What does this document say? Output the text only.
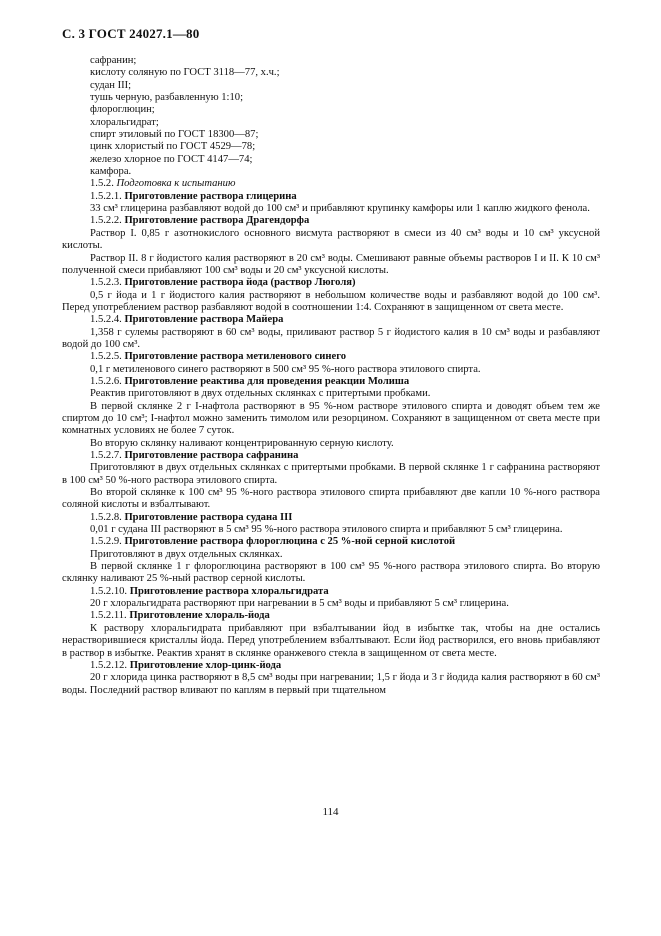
С. 3 ГОСТ 24027.1—80
сафранин;
кислоту соляную по ГОСТ 3118—77, х.ч.;
судан III;
тушь черную, разбавленную 1:10;
флороглюцин;
хлоральгидрат;
спирт этиловый по ГОСТ 18300—87;
цинк хлористый по ГОСТ 4529—78;
железо хлорное по ГОСТ 4147—74;
камфора.

1.5.2. Подготовка к испытанию

1.5.2.1. Приготовление раствора глицерина

33 см³ глицерина разбавляют водой до 100 см³ и прибавляют крупинку камфоры или 1 каплю жидкого фенола.

1.5.2.2. Приготовление раствора Драгендорфа

Раствор I. 0,85 г азотнокислого основного висмута растворяют в смеси из 40 см³ воды и 10 см³ уксусной кислоты.

Раствор II. 8 г йодистого калия растворяют в 20 см³ воды. Смешивают равные объемы растворов I и II. К 10 см³ полученной смеси прибавляют 100 см³ воды и 20 см³ уксусной кислоты.

1.5.2.3. Приготовление раствора йода (раствор Люголя)

0,5 г йода и 1 г йодистого калия растворяют в небольшом количестве воды и разбавляют водой до 100 см³. Перед употреблением раствор разбавляют водой в соотношении 1:4. Сохраняют в защищенном от света месте.

1.5.2.4. Приготовление раствора Майера

1,358 г сулемы растворяют в 60 см³ воды, приливают раствор 5 г йодистого калия в 10 см³ воды и разбавляют водой до 100 см³.

1.5.2.5. Приготовление раствора метиленового синего

0,1 г метиленового синего растворяют в 500 см³ 95 %-ного раствора этилового спирта.

1.5.2.6. Приготовление реактива для проведения реакции Молиша

Реактив приготовляют в двух отдельных склянках с притертыми пробками.

В первой склянке 2 г I-нафтола растворяют в 95 %-ном растворе этилового спирта и доводят объем тем же спиртом до 10 см³; I-нафтол можно заменить тимолом или резорцином. Сохраняют в защищенном от света месте при комнатных условиях не более 7 суток.

Во вторую склянку наливают концентрированную серную кислоту.

1.5.2.7. Приготовление раствора сафранина

Приготовляют в двух отдельных склянках с притертыми пробками. В первой склянке 1 г сафранина растворяют в 100 см³ 50 %-ного раствора этилового спирта.

Во второй склянке к 100 см³ 95 %-ного раствора этилового спирта прибавляют две капли 10 %-ного раствора соляной кислоты и взбалтывают.

1.5.2.8. Приготовление раствора судана III

0,01 г судана III растворяют в 5 см³ 95 %-ного раствора этилового спирта и прибавляют 5 см³ глицерина.

1.5.2.9. Приготовление раствора флороглюцина с 25 %-ной серной кислотой

Приготовляют в двух отдельных склянках.

В первой склянке 1 г флороглюцина растворяют в 100 см³ 95 %-ного раствора этилового спирта. Во вторую склянку наливают 25 %-ный раствор серной кислоты.

1.5.2.10. Приготовление раствора хлоральгидрата

20 г хлоральгидрата растворяют при нагревании в 5 см³ воды и прибавляют 5 см³ глицерина.

1.5.2.11. Приготовление хлораль-йода

К раствору хлоральгидрата прибавляют при взбалтывании йод в избытке так, чтобы на дне остались нерастворившиеся кристаллы йода. Перед употреблением взбалтывают. Если йод растворился, его вновь прибавляют в раствор в избытке. Реактив хранят в склянке оранжевого стекла в защищенном от света месте.

1.5.2.12. Приготовление хлор-цинк-йода

20 г хлорида цинка растворяют в 8,5 см³ воды при нагревании; 1,5 г йода и 3 г йодида калия растворяют в 60 см³ воды. Последний раствор вливают по каплям в первый при тщательном

114
